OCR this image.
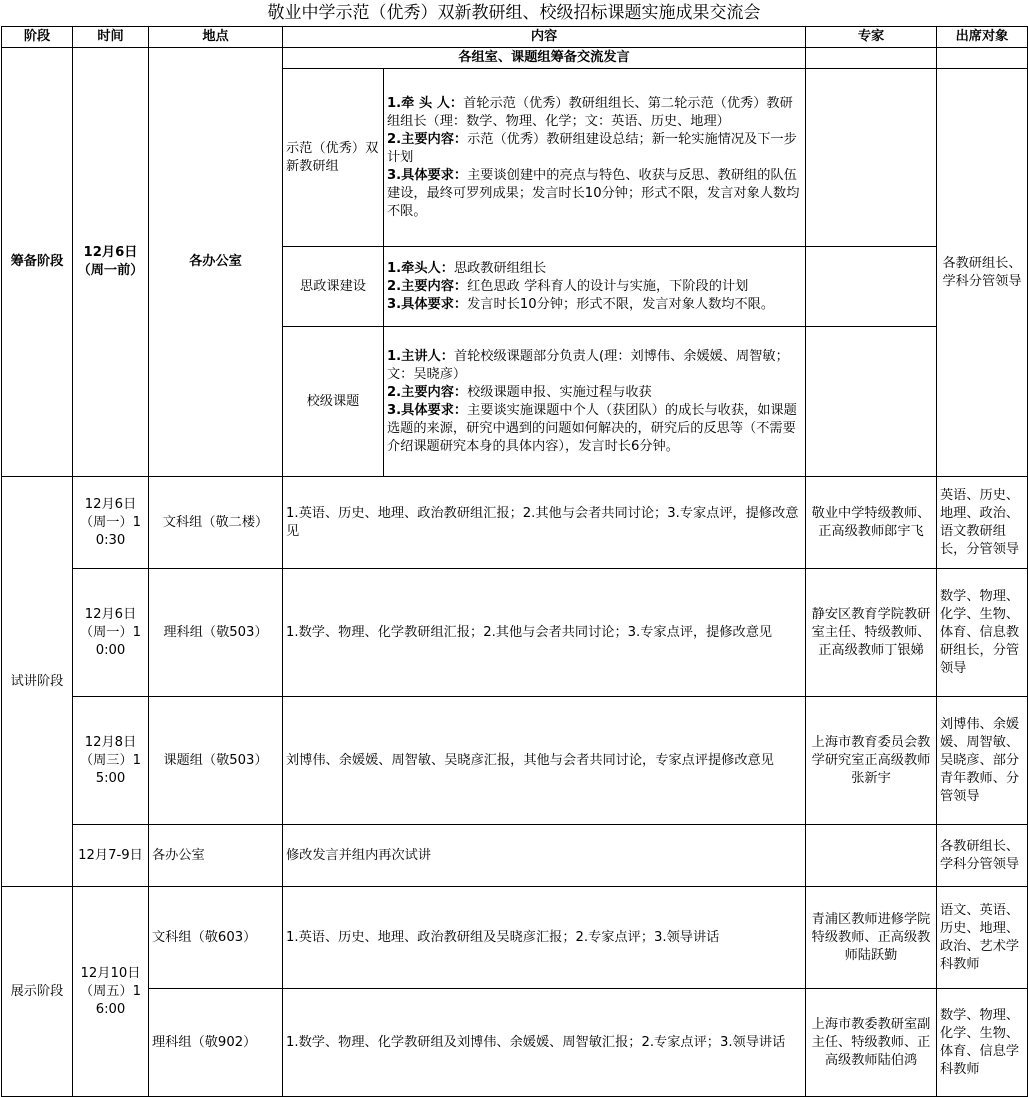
敬业中学示范（优秀）双新教研组、校级招标课题实施成果交流会
阶段	时间	地点	内容		专家	出席对象
筹备阶段	12月6日（周一前）	各办公室	各组室、课题组筹备交流发言			
			示范（优秀）双新教研组	1.牵 头 人：首轮示范（优秀）教研组组长、第二轮示范（优秀）教研组组长（理：数学、物理、化学；文：英语、历史、地理）
2.主要内容：示范（优秀）教研组建设总结；新一轮实施情况及下一步计划
3.具体要求：主要谈创建中的亮点与特色、收获与反思、教研组的队伍建设，最终可罗列成果；发言时长10分钟；形式不限，发言对象人数均不限。		各教研组长、学科分管领导
			思政课建设	1.牵头人：思政教研组组长
2.主要内容：红色思政 学科育人的设计与实施，下阶段的计划
3.具体要求：发言时长10分钟；形式不限，发言对象人数均不限。		
			校级课题	1.主讲人：首轮校级课题部分负责人(理：刘博伟、余媛媛、周智敏；文：吴晓彦）
2.主要内容：校级课题申报、实施过程与收获
3.具体要求：主要谈实施课题中个人（获团队）的成长与收获，如课题选题的来源，研究中遇到的问题如何解决的，研究后的反思等（不需要介绍课题研究本身的具体内容），发言时长6分钟。		
试讲阶段	12月6日（周一）10:30	文科组（敬二楼）	1.英语、历史、地理、政治教研组汇报；2.其他与会者共同讨论；3.专家点评，提修改意见		敬业中学特级教师、正高级教师郎宇飞	英语、历史、地理、政治、语文教研组长，分管领导
	12月6日（周一）10:00	理科组（敬503）	1.数学、物理、化学教研组汇报；2.其他与会者共同讨论；3.专家点评，提修改意见		静安区教育学院教研室主任、特级教师、正高级教师丁银娣	数学、物理、化学、生物、体育、信息教研组长，分管领导
	12月8日（周三）15:00	课题组（敬503）	刘博伟、余媛媛、周智敏、吴晓彦汇报，其他与会者共同讨论，专家点评提修改意见		上海市教育委员会教学研究室正高级教师张新宇	刘博伟、余媛媛、周智敏、吴晓彦、部分青年教师、分管领导
	12月7-9日	各办公室	修改发言并组内再次试讲			各教研组长、学科分管领导
展示阶段	12月10日（周五）16:00	文科组（敬603）	1.英语、历史、地理、政治教研组及吴晓彦汇报；2.专家点评；3.领导讲话		青浦区教师进修学院特级教师、正高级教师陆跃勤	语文、英语、历史、地理、政治、艺术学科教师
		理科组（敬902）	1.数学、物理、化学教研组及刘博伟、余媛媛、周智敏汇报；2.专家点评；3.领导讲话		上海市教委教研室副主任、特级教师、正高级教师陆伯鸿	数学、物理、化学、生物、体育、信息学科教师
